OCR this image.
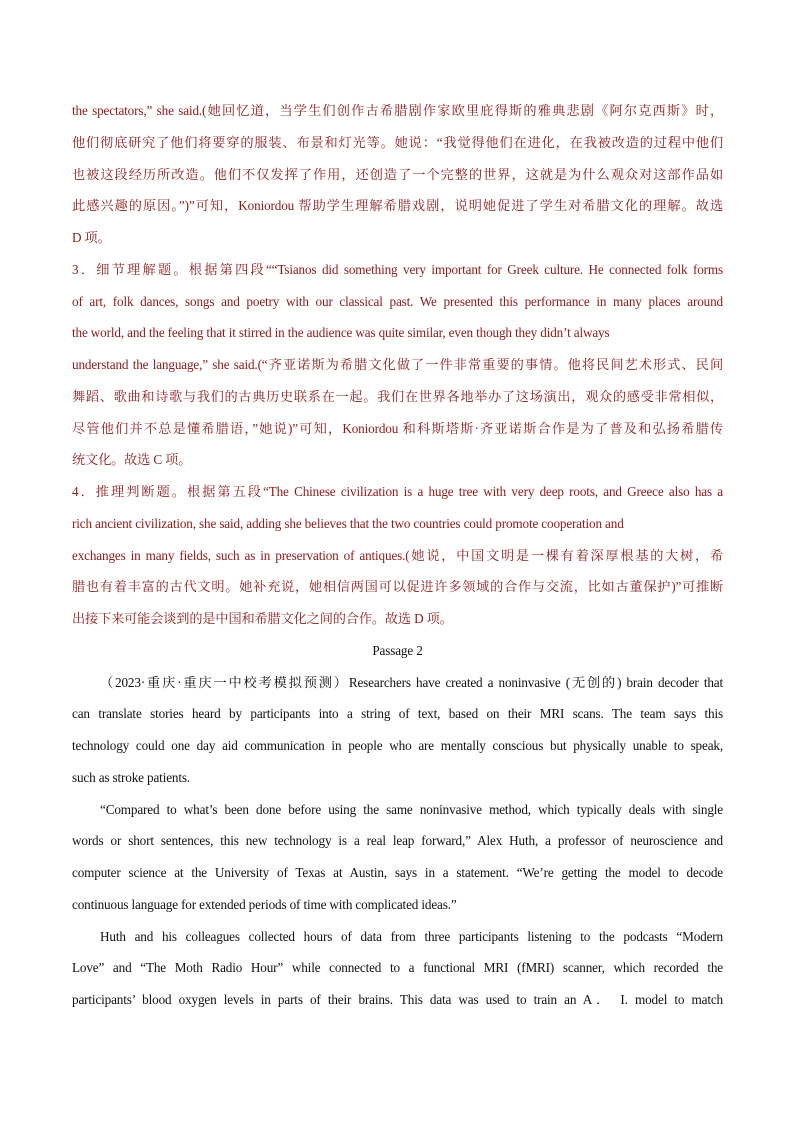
the spectators,” she said.(她回忆道，当学生们创作古希腊剧作家欧里庇得斯的雅典悲剧《阿尔克西斯》时，
他们彻底研究了他们将要穿的服装、布景和灯光等。她说：“我觉得他们在进化，在我被改造的过程中他们
也被这段经历所改造。他们不仅发挥了作用，还创造了一个完整的世界，这就是为什么观众对这部作品如
此感兴趣的原因。”)”可知，Koniordou 帮助学生理解希腊戏剧，说明她促进了学生对希腊文化的理解。故选
D 项。
3．细节理解题。根据第四段““Tsianos did something very important for Greek culture. He connected folk forms
of art, folk dances, songs and poetry with our classical past. We presented this performance in many places around
the world, and the feeling that it stirred in the audience was quite similar, even though they didn’t always
understand the language,” she said.(“齐亚诺斯为希腊文化做了一件非常重要的事情。他将民间艺术形式、民间
舞蹈、歌曲和诗歌与我们的古典历史联系在一起。我们在世界各地举办了这场演出，观众的感受非常相似，
尽管他们并不总是懂希腊语，”她说)”可知，Koniordou 和科斯塔斯·齐亚诺斯合作是为了普及和弘扬希腊传
统文化。故选 C 项。
4．推理判断题。根据第五段“The Chinese civilization is a huge tree with very deep roots, and Greece also has a
rich ancient civilization, she said, adding she believes that the two countries could promote cooperation and
exchanges in many fields, such as in preservation of antiques.(她说，中国文明是一棵有着深厚根基的大树，希
腊也有着丰富的古代文明。她补充说，她相信两国可以促进许多领域的合作与交流，比如古董保护)”可推断
出接下来可能会谈到的是中国和希腊文化之间的合作。故选 D 项。
Passage 2
（2023·重庆·重庆一中校考模拟预测）Researchers have created a noninvasive (无创的) brain decoder that
can translate stories heard by participants into a string of text, based on their MRI scans. The team says this
technology could one day aid communication in people who are mentally conscious but physically unable to speak,
such as stroke patients.
“Compared to what’s been done before using the same noninvasive method, which typically deals with single
words or short sentences, this new technology is a real leap forward,” Alex Huth, a professor of neuroscience and
computer science at the University of Texas at Austin, says in a statement. “We’re getting the model to decode
continuous language for extended periods of time with complicated ideas.”
Huth and his colleagues collected hours of data from three participants listening to the podcasts “Modern
Love” and “The Moth Radio Hour” while connected to a functional MRI (fMRI) scanner, which recorded the
participants’ blood oxygen levels in parts of their brains. This data was used to train an A． I. model to match
